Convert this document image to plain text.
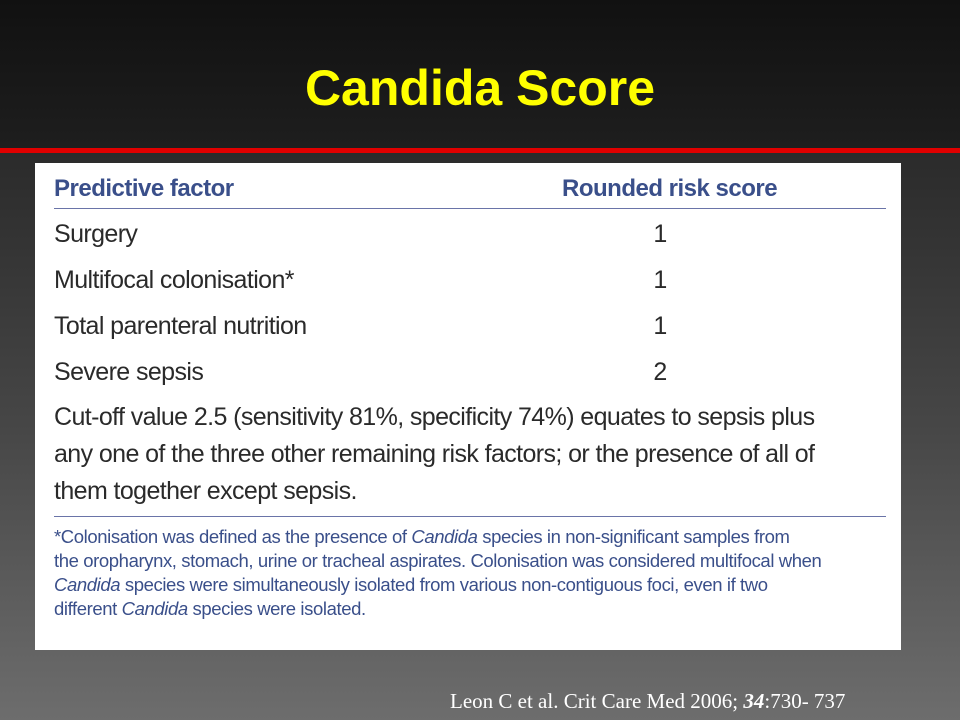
Candida Score
Predictive factor	Rounded risk score
Surgery	1
Multifocal colonisation*	1
Total parenteral nutrition	1
Severe sepsis	2
Cut-off value 2.5 (sensitivity 81%, specificity 74%) equates to sepsis plus
any one of the three other remaining risk factors; or the presence of all of
them together except sepsis.
*Colonisation was defined as the presence of Candida species in non-significant samples from
the oropharynx, stomach, urine or tracheal aspirates. Colonisation was considered multifocal when
Candida species were simultaneously isolated from various non-contiguous foci, even if two
different Candida species were isolated.
Leon C et al. Crit Care Med 2006; 34:730- 737
